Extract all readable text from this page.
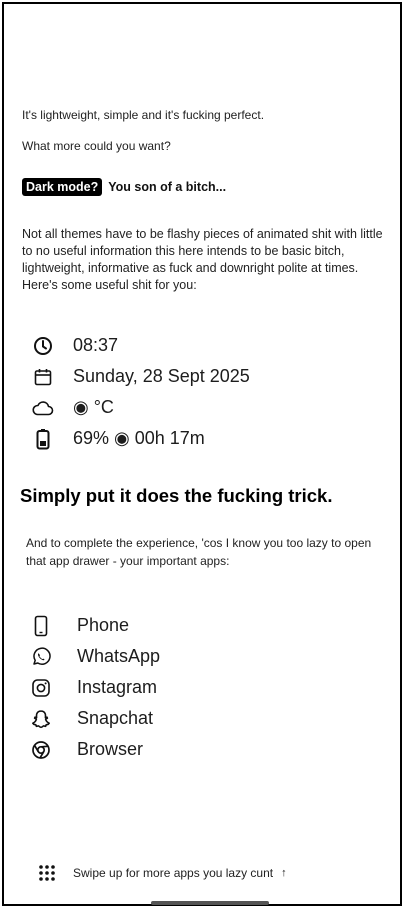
It's lightweight, simple and it's fucking perfect.

What more could you want?

Dark mode? You son of a bitch...
Not all themes have to be flashy pieces of animated shit with little to no useful information this here intends to be basic bitch, lightweight, informative as fuck and downright polite at times. Here's some useful shit for you:
08:37
Sunday, 28 Sept 2025
◉ °C
69% ◉ 00h 17m
Simply put it does the fucking trick.
And to complete the experience, 'cos I know you too lazy to open that app drawer - your important apps:
Phone
WhatsApp
Instagram
Snapchat
Browser
Swipe up for more apps you lazy cunt ↑
